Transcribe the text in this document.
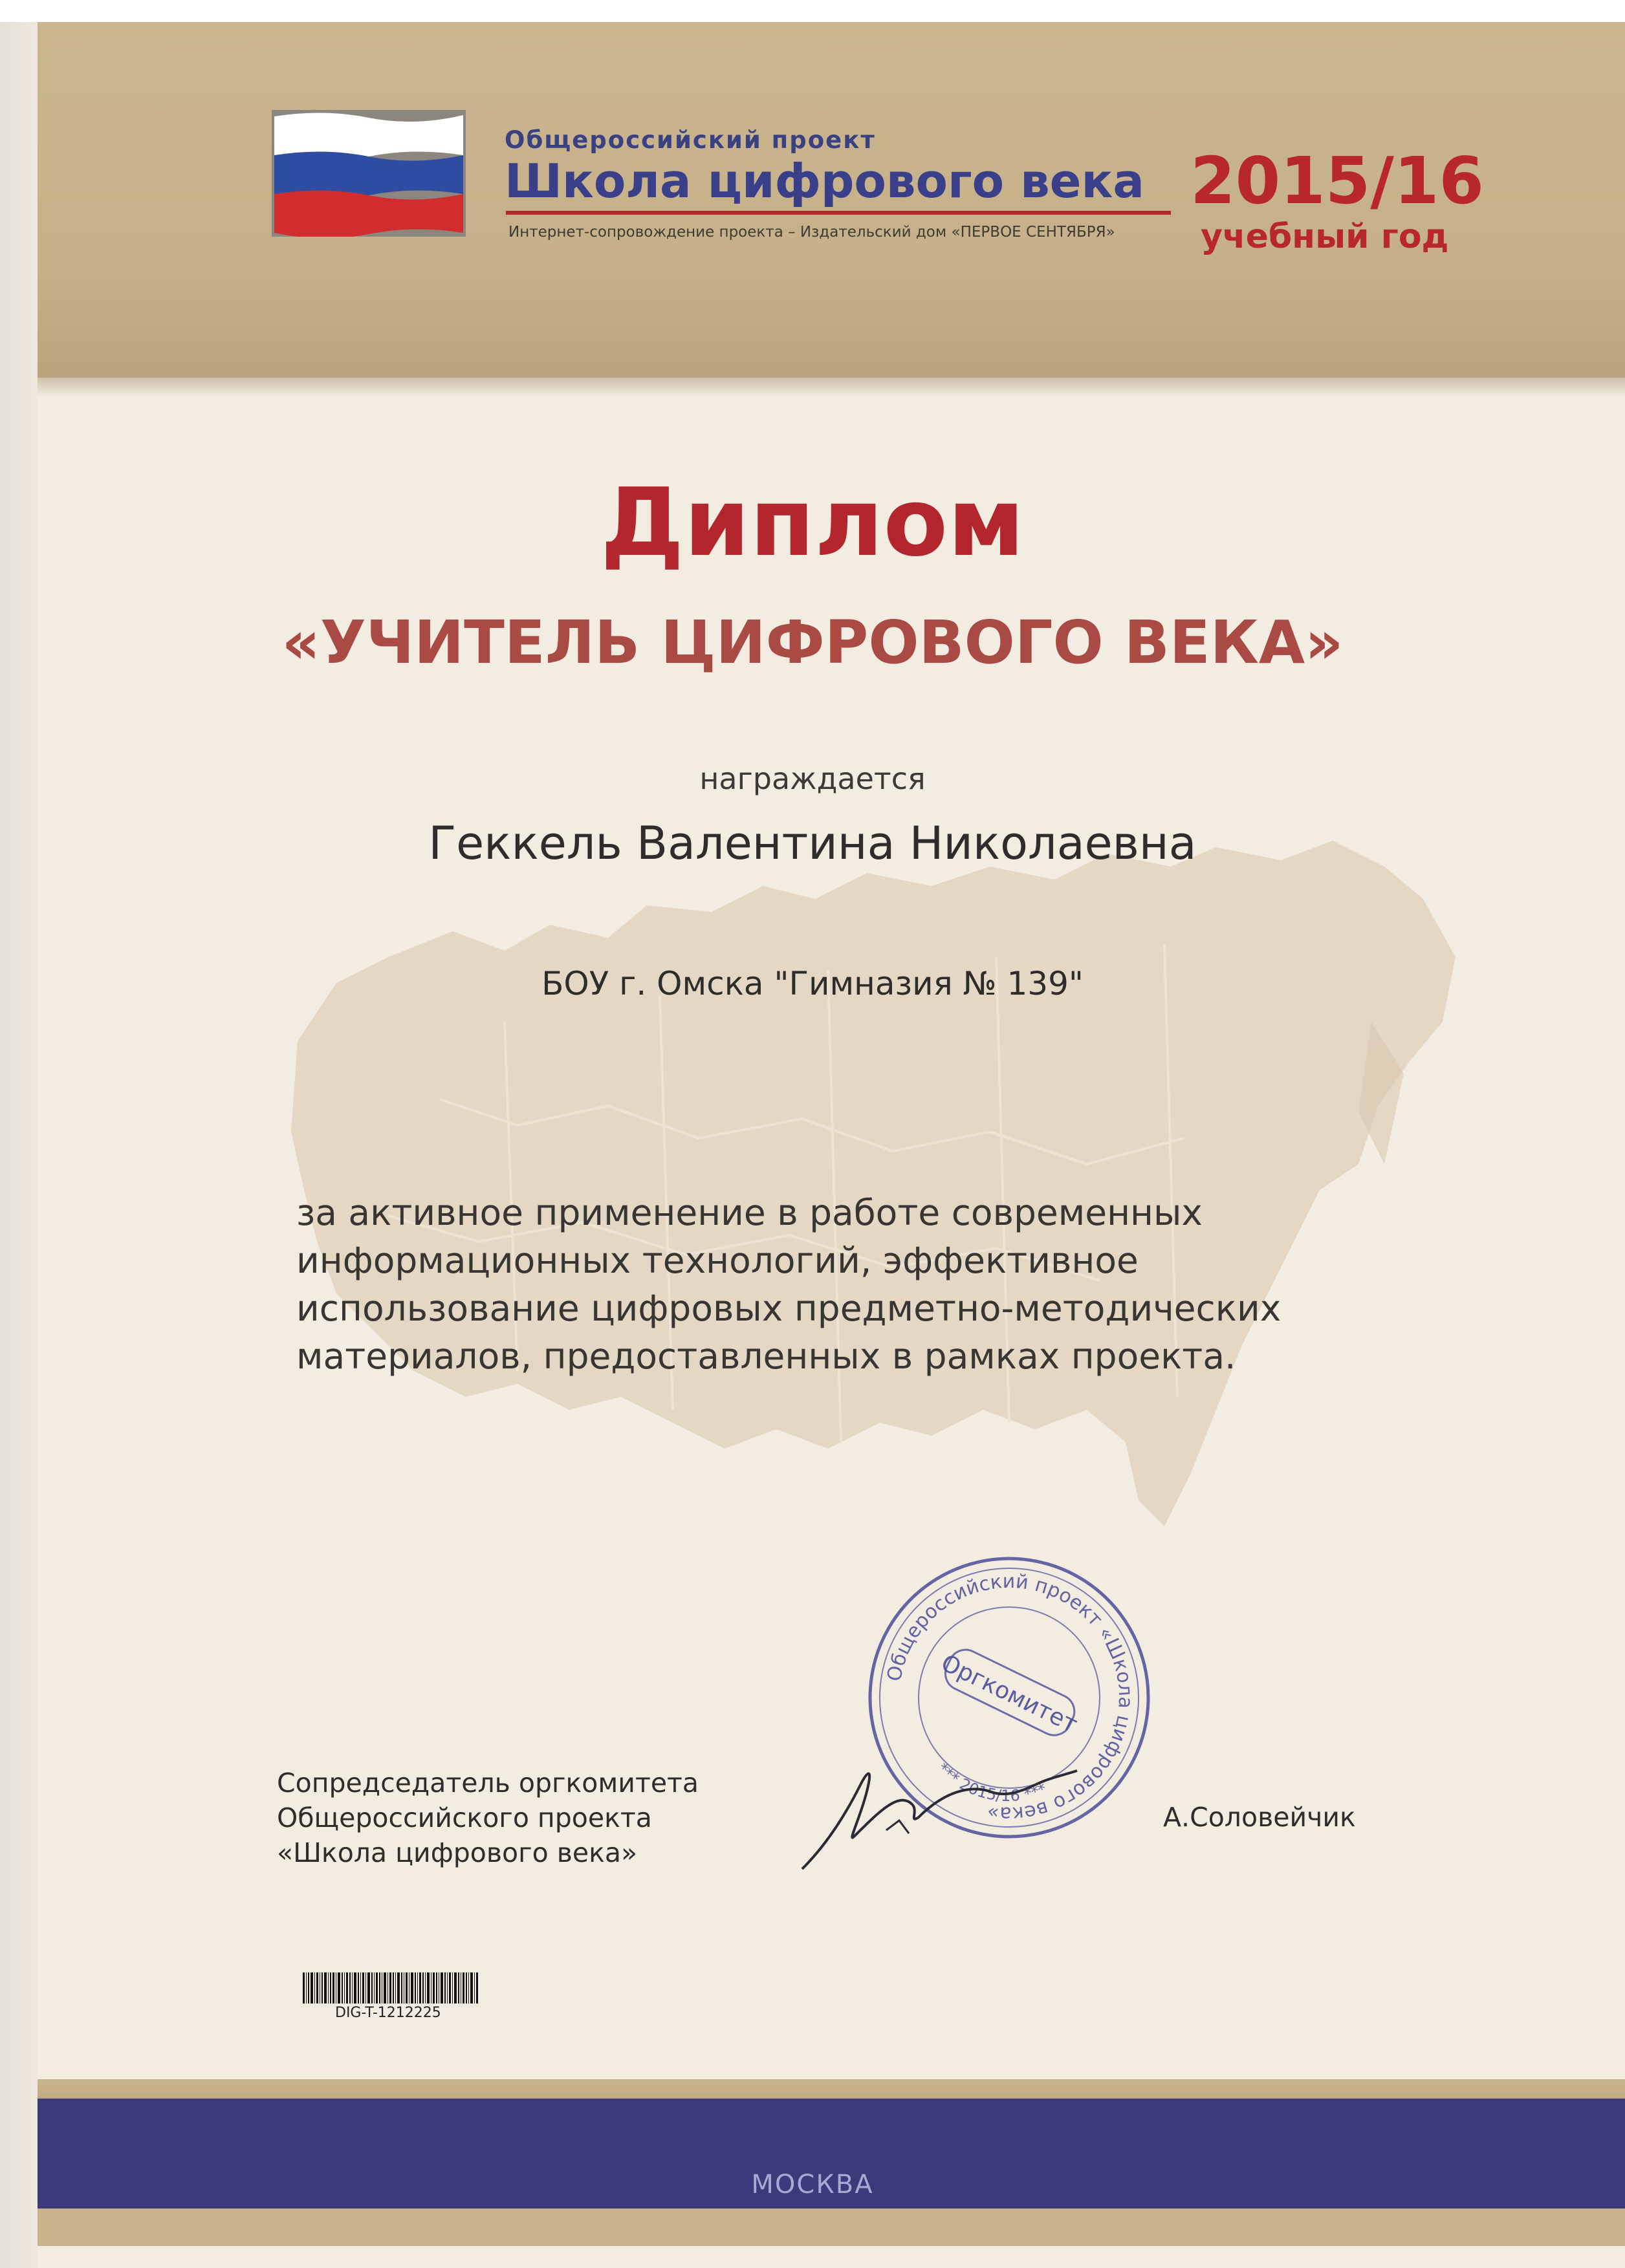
Общероссийский проект

Школа цифрового века

Интернет-сопровождение проекта – Издательский дом «ПЕРВОЕ СЕНТЯБРЯ»

2015/16

учебный год

Диплом
«УЧИТЕЛЬ ЦИФРОВОГО ВЕКА»

награждается

Геккель Валентина Николаевна

БОУ г. Омска "Гимназия № 139"

за активное применение в работе современных информационных технологий, эффективное использование цифровых предметно-методических материалов, предоставленных в рамках проекта.

Общероссийский проект «Школа цифрового века»
*** 2015/16 ***
Оргкомитет

Сопредседатель оргкомитета
Общероссийского проекта
«Школа цифрового века»

А.Соловейчик

DIG-T-1212225

МОСКВА
